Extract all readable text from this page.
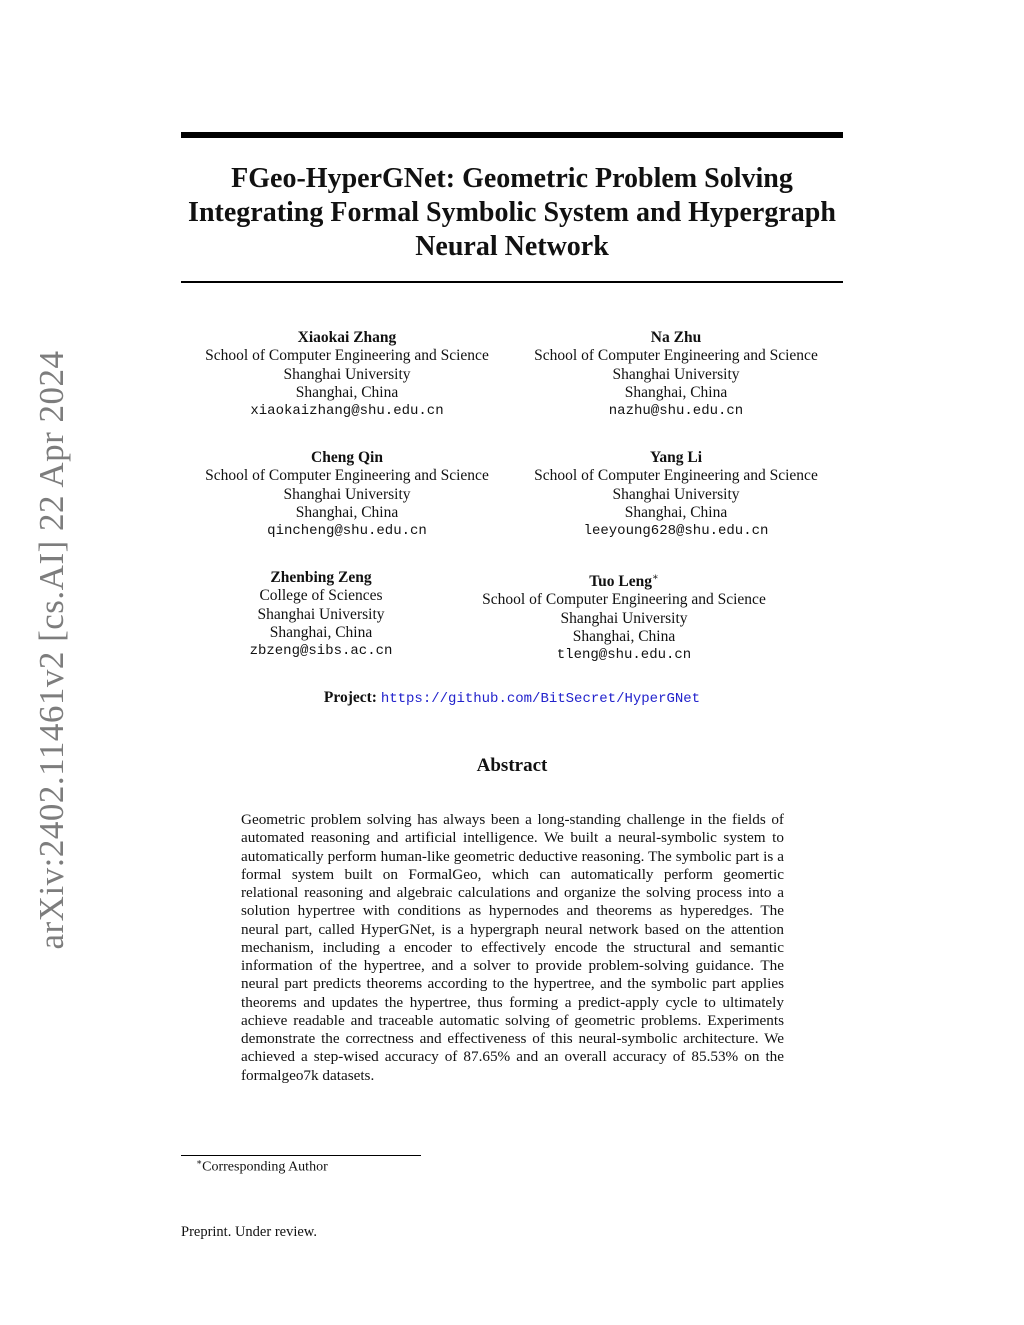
arXiv:2402.11461v2 [cs.AI] 22 Apr 2024
FGeo-HyperGNet: Geometric Problem Solving
Integrating Formal Symbolic System and Hypergraph
Neural Network
Xiaokai Zhang
School of Computer Engineering and Science
Shanghai University
Shanghai, China
xiaokaizhang@shu.edu.cn
Na Zhu
School of Computer Engineering and Science
Shanghai University
Shanghai, China
nazhu@shu.edu.cn
Cheng Qin
School of Computer Engineering and Science
Shanghai University
Shanghai, China
qincheng@shu.edu.cn
Yang Li
School of Computer Engineering and Science
Shanghai University
Shanghai, China
leeyoung628@shu.edu.cn
Zhenbing Zeng
College of Sciences
Shanghai University
Shanghai, China
zbzeng@sibs.ac.cn
Tuo Leng∗
School of Computer Engineering and Science
Shanghai University
Shanghai, China
tleng@shu.edu.cn
Project: https://github.com/BitSecret/HyperGNet
Abstract

Geometric problem solving has always been a long-standing challenge in the fields of automated reasoning and artificial intelligence. We built a neural-symbolic system to automatically perform human-like geometric deductive reasoning. The symbolic part is a formal system built on FormalGeo, which can automatically perform geomertic relational reasoning and algebraic calculations and organize the solving process into a solution hypertree with conditions as hypernodes and theorems as hyperedges. The neural part, called HyperGNet, is a hypergraph neural network based on the attention mechanism, including a encoder to effectively encode the structural and semantic information of the hypertree, and a solver to provide problem-solving guidance. The neural part predicts theorems according to the hypertree, and the symbolic part applies theorems and updates the hypertree, thus forming a predict-apply cycle to ultimately achieve readable and traceable automatic solving of geometric problems. Experiments demonstrate the correctness and effectiveness of this neural-symbolic architecture. We achieved a step-wised accuracy of 87.65% and an overall accuracy of 85.53% on the formalgeo7k datasets.

∗Corresponding Author
Preprint. Under review.
